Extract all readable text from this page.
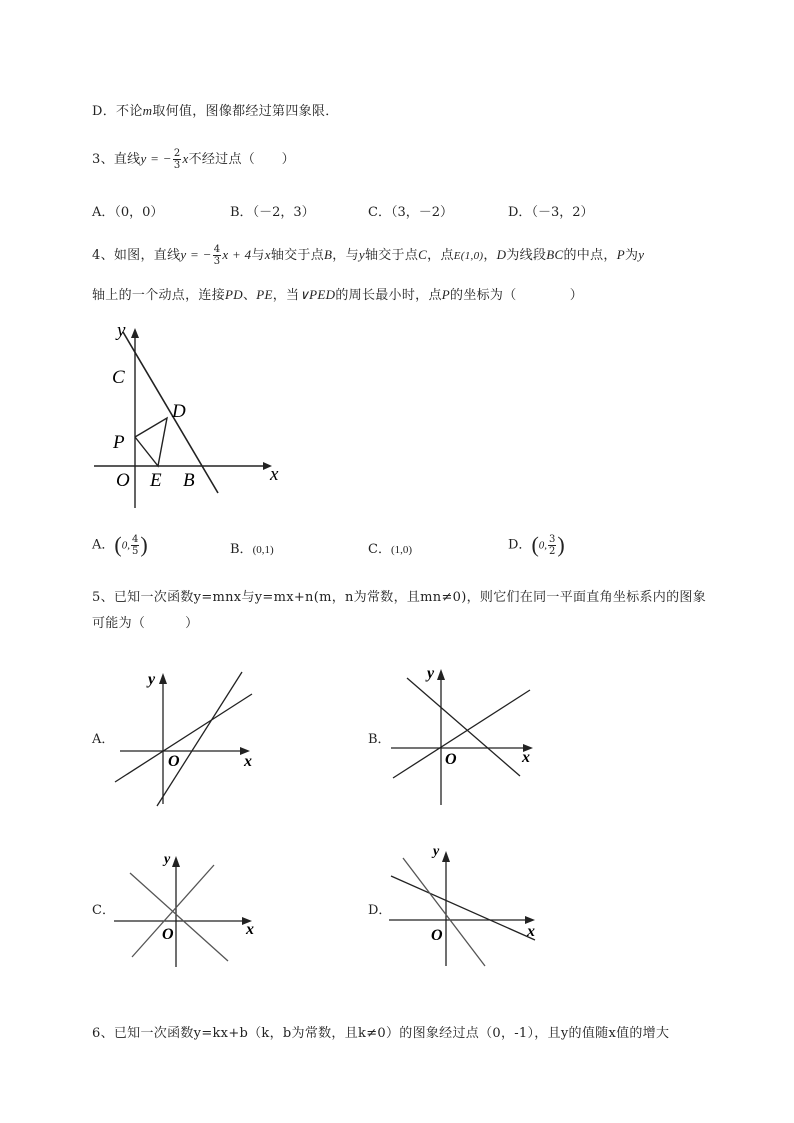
D．不论m取何值，图像都经过第四象限．
3、直线y = − $\frac{2}{3}$ x不经过点（　　）
A．（0，0）	B．（－2，3）	C．（3，－2）	D．（－3，2）
4、如图，直线y = − $\frac{4}{3}$ x + 4与x轴交于点B，与y轴交于点C，点E(1,0)，D为线段BC的中点，P为y
轴上的一个动点，连接PD、PE，当∨PED的周长最小时，点P的坐标为（　　　　）
y
C
D
P
O E B	x
A．(0, $\frac{4}{5}$ )	B．(0,1)	C．(1,0)	D．(0, $\frac{3}{2}$ )
5、已知一次函数y=mnx与y=mx+n(m，n为常数，且mn≠0)，则它们在同一平面直角坐标系内的图象
可能为（　　　）
A．
y
O	x
B．
y
O	x
C．
y
O	x
D．
y
O	x
6、已知一次函数y=kx+b（k，b为常数，且k≠0）的图象经过点（0，-1），且y的值随x值的增大
